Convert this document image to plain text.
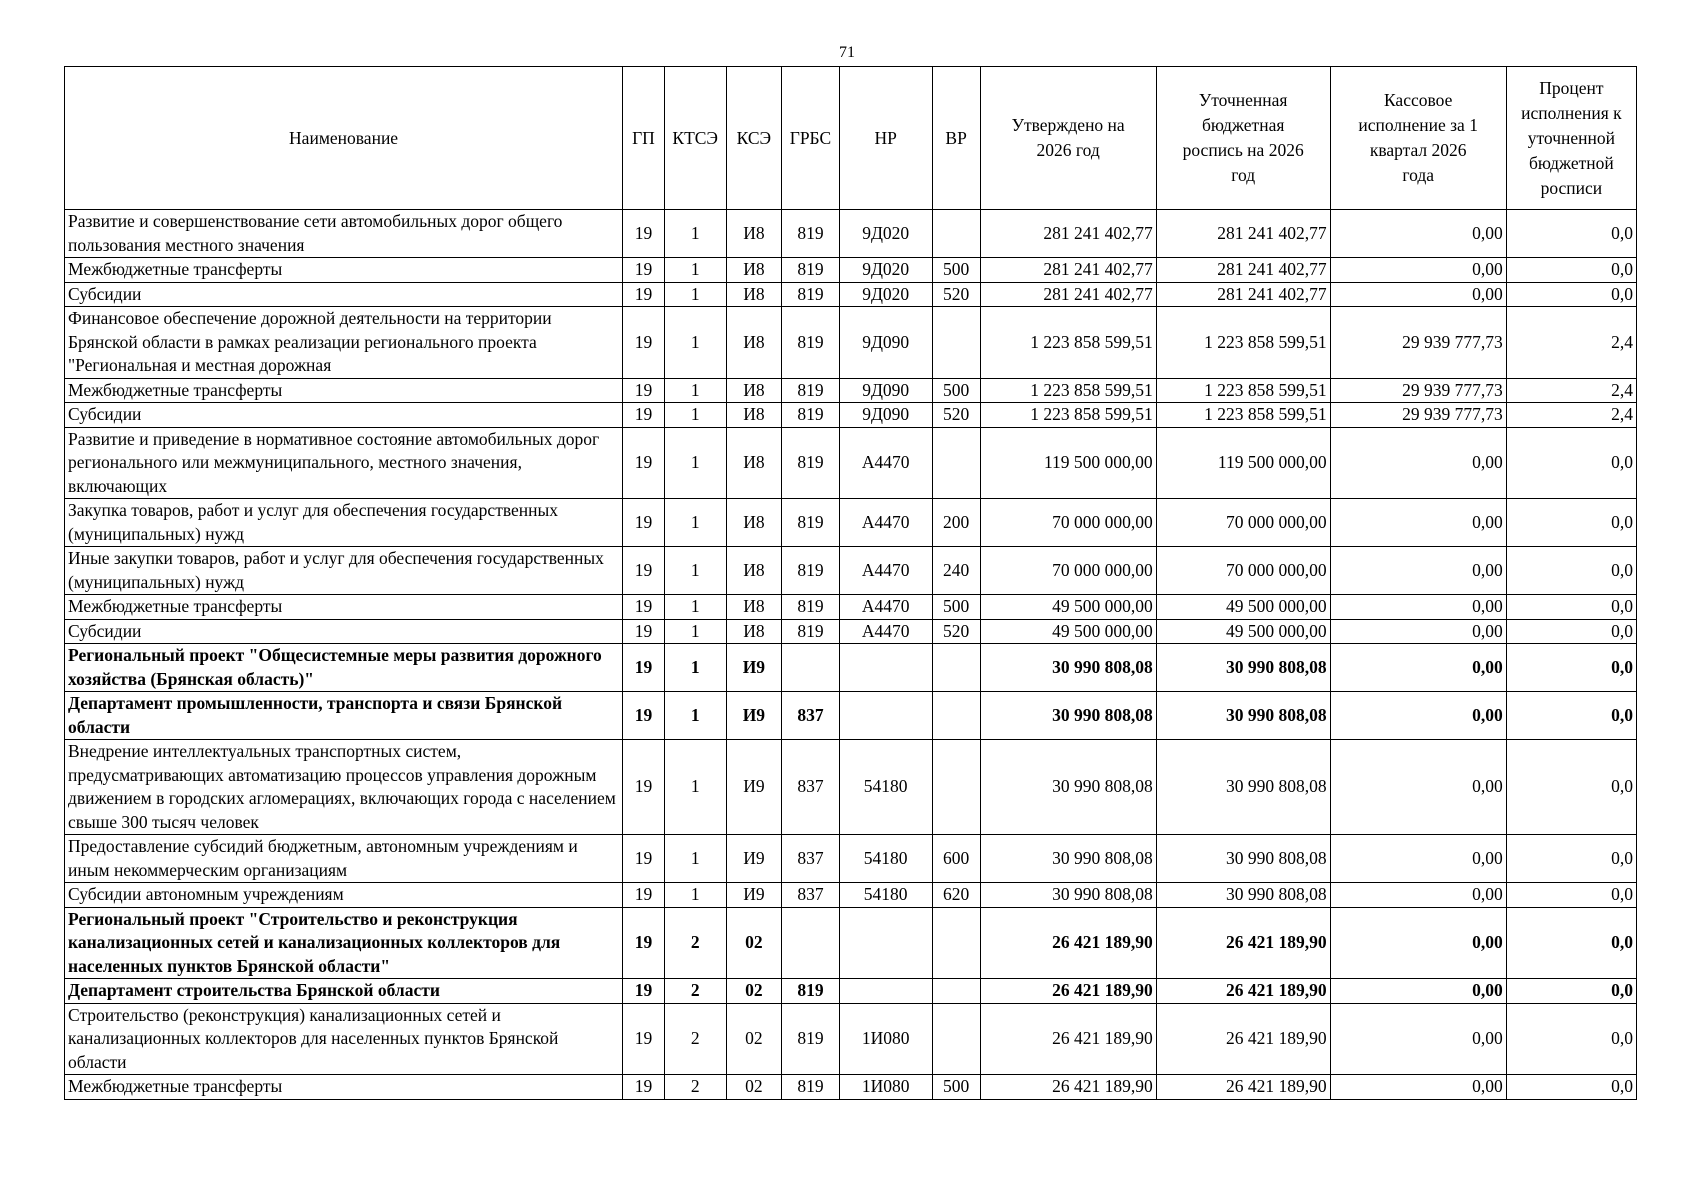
71
Наименование	ГП	КТСЭ	КСЭ	ГРБС	НР	ВР	Утверждено на 2026 год	Уточненная бюджетная роспись на 2026 год	Кассовое исполнение за 1 квартал 2026 года	Процент исполнения к уточненной бюджетной росписи
Развитие и совершенствование сети автомобильных дорог общего пользования местного значения	19	1	И8	819	9Д020		281 241 402,77	281 241 402,77	0,00	0,0
Межбюджетные трансферты	19	1	И8	819	9Д020	500	281 241 402,77	281 241 402,77	0,00	0,0
Субсидии	19	1	И8	819	9Д020	520	281 241 402,77	281 241 402,77	0,00	0,0
Финансовое обеспечение дорожной деятельности на территории Брянской области в рамках реализации регионального проекта "Региональная и местная дорожная	19	1	И8	819	9Д090		1 223 858 599,51	1 223 858 599,51	29 939 777,73	2,4
Межбюджетные трансферты	19	1	И8	819	9Д090	500	1 223 858 599,51	1 223 858 599,51	29 939 777,73	2,4
Субсидии	19	1	И8	819	9Д090	520	1 223 858 599,51	1 223 858 599,51	29 939 777,73	2,4
Развитие и приведение в нормативное состояние автомобильных дорог регионального или межмуниципального, местного значения, включающих	19	1	И8	819	А4470		119 500 000,00	119 500 000,00	0,00	0,0
Закупка товаров, работ и услуг для обеспечения государственных (муниципальных) нужд	19	1	И8	819	А4470	200	70 000 000,00	70 000 000,00	0,00	0,0
Иные закупки товаров, работ и услуг для обеспечения государственных (муниципальных) нужд	19	1	И8	819	А4470	240	70 000 000,00	70 000 000,00	0,00	0,0
Межбюджетные трансферты	19	1	И8	819	А4470	500	49 500 000,00	49 500 000,00	0,00	0,0
Субсидии	19	1	И8	819	А4470	520	49 500 000,00	49 500 000,00	0,00	0,0
Региональный проект "Общесистемные меры развития дорожного хозяйства (Брянская область)"	19	1	И9				30 990 808,08	30 990 808,08	0,00	0,0
Департамент промышленности, транспорта и связи Брянской области	19	1	И9	837			30 990 808,08	30 990 808,08	0,00	0,0
Внедрение интеллектуальных транспортных систем, предусматривающих автоматизацию процессов управления дорожным движением в городских агломерациях, включающих города с населением свыше 300 тысяч человек	19	1	И9	837	54180		30 990 808,08	30 990 808,08	0,00	0,0
Предоставление субсидий бюджетным, автономным учреждениям и иным некоммерческим организациям	19	1	И9	837	54180	600	30 990 808,08	30 990 808,08	0,00	0,0
Субсидии автономным учреждениям	19	1	И9	837	54180	620	30 990 808,08	30 990 808,08	0,00	0,0
Региональный проект "Строительство и реконструкция канализационных сетей и канализационных коллекторов для населенных пунктов Брянской области"	19	2	02				26 421 189,90	26 421 189,90	0,00	0,0
Департамент строительства Брянской области	19	2	02	819			26 421 189,90	26 421 189,90	0,00	0,0
Строительство (реконструкция) канализационных сетей и канализационных коллекторов для населенных пунктов Брянской области	19	2	02	819	1И080		26 421 189,90	26 421 189,90	0,00	0,0
Межбюджетные трансферты	19	2	02	819	1И080	500	26 421 189,90	26 421 189,90	0,00	0,0
